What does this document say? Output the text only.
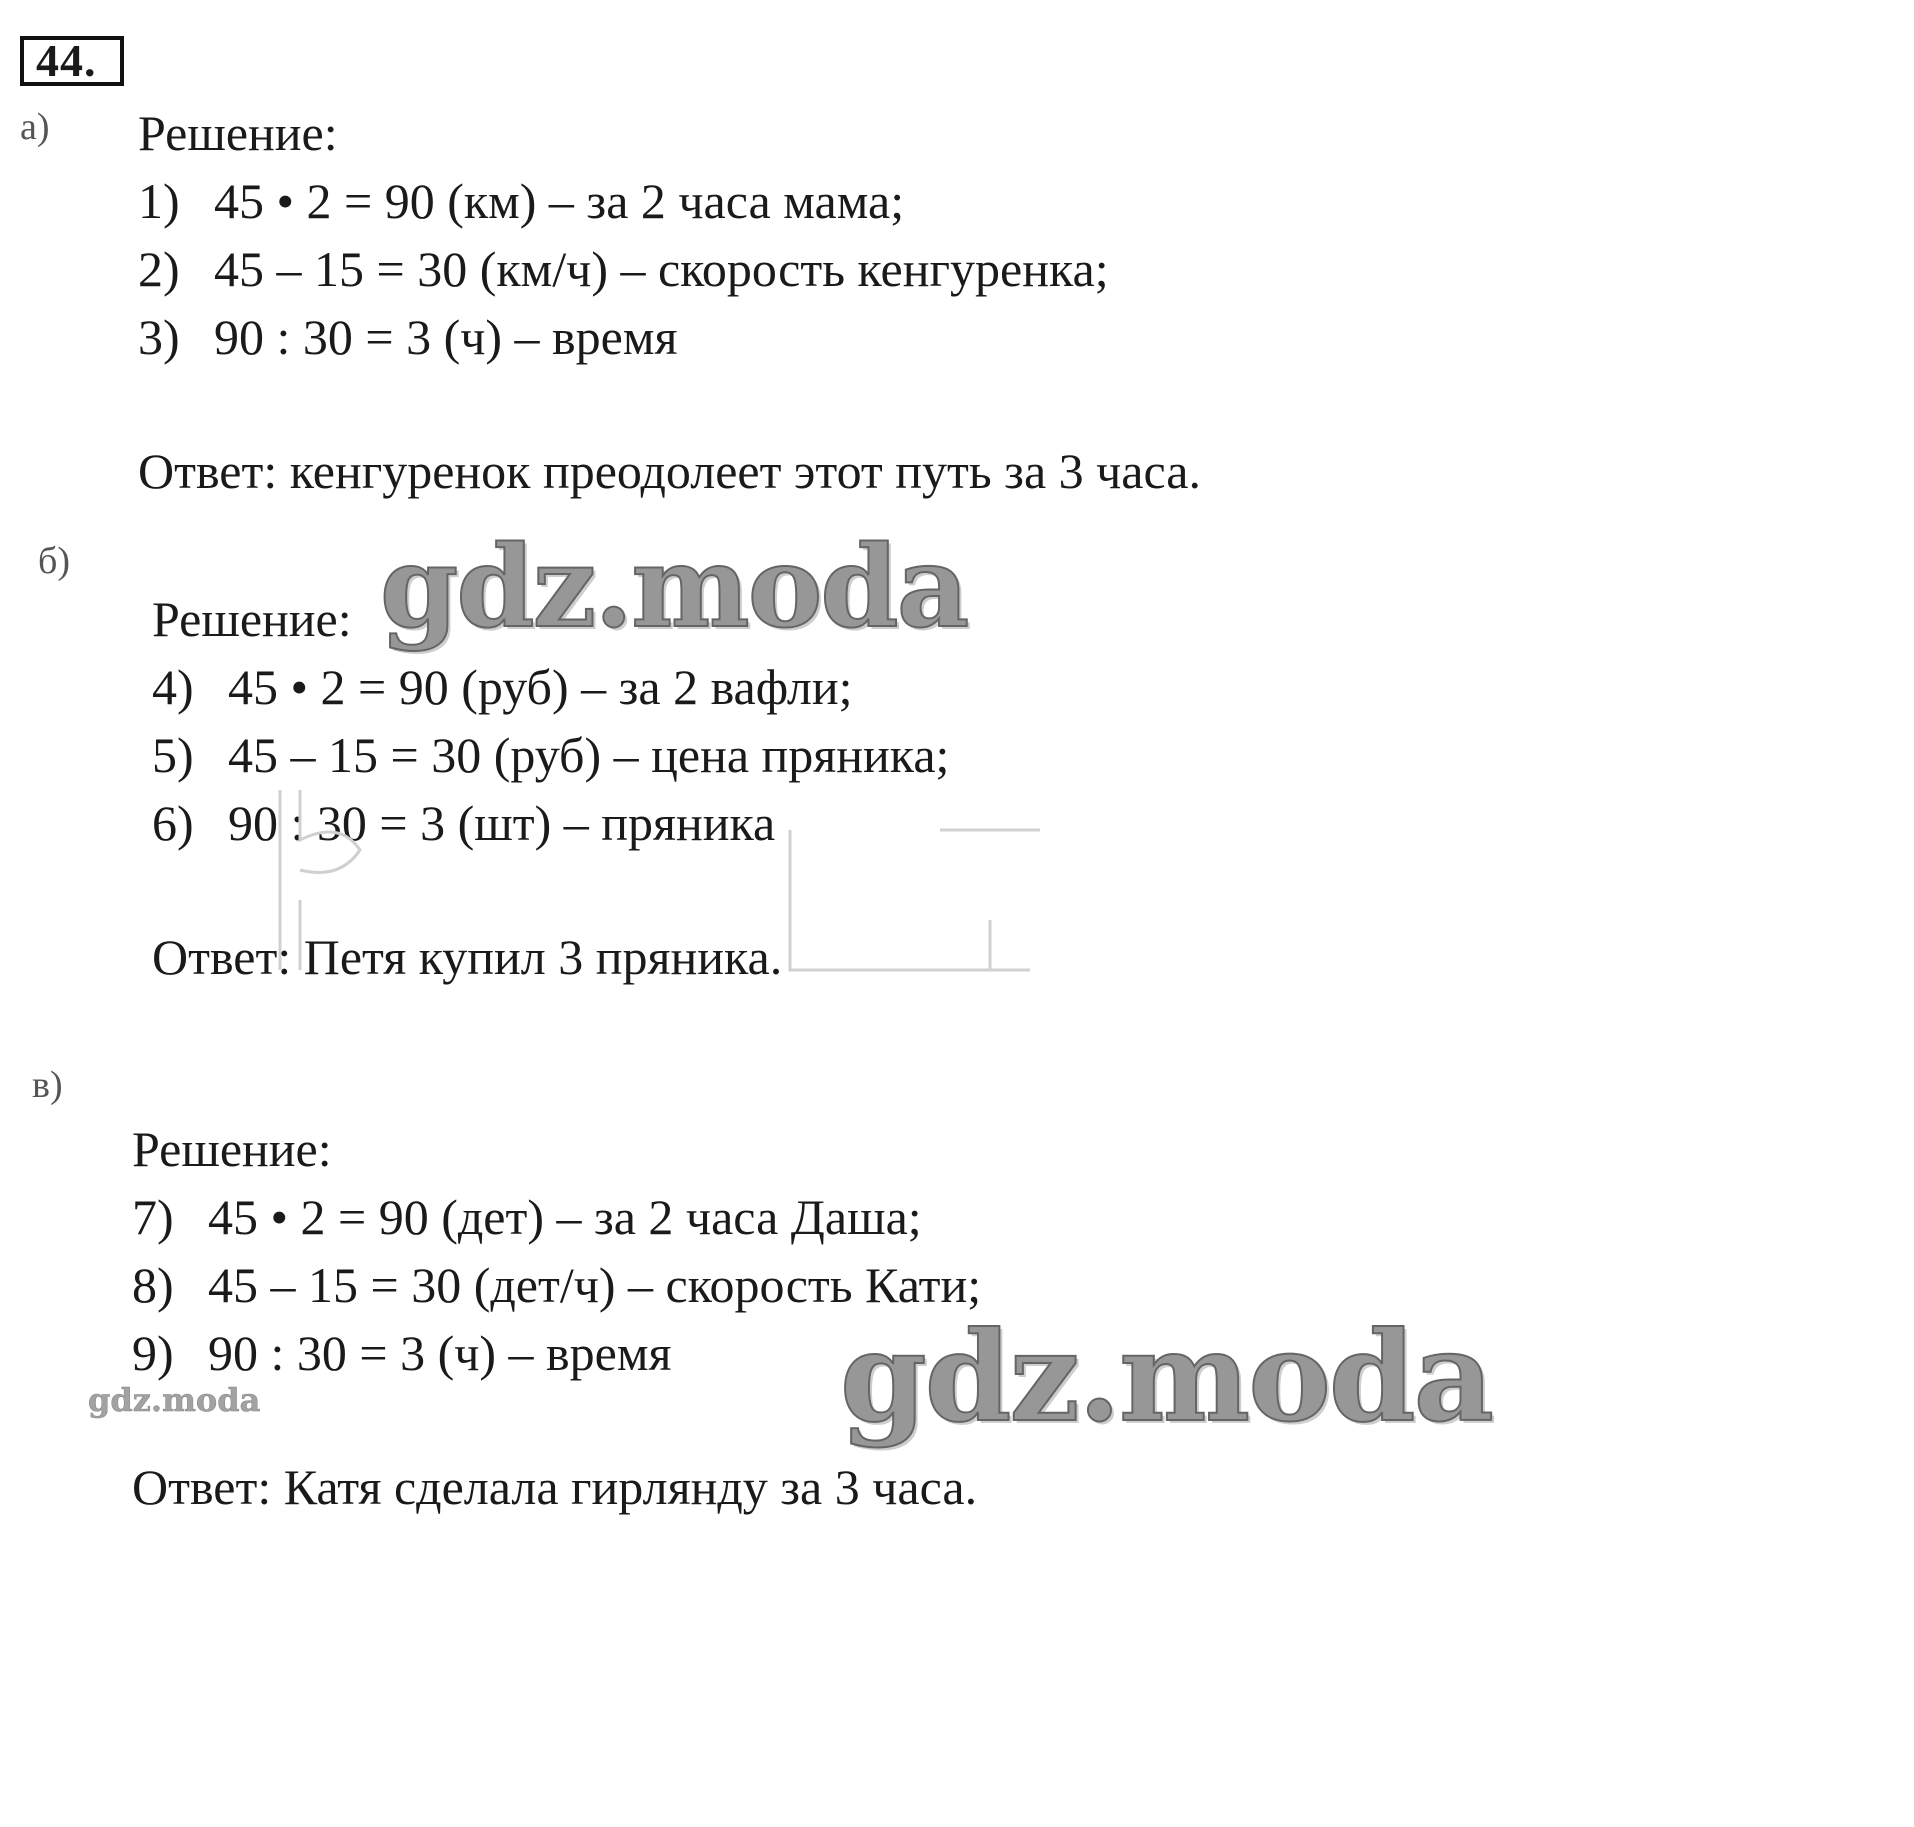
44.
а) Решение:
1) 45 • 2 = 90 (км) – за 2 часа мама;
2) 45 – 15 = 30 (км/ч) – скорость кенгуренка;
3) 90 : 30 = 3 (ч) – время
Ответ: кенгуренок преодолеет этот путь за 3 часа.
б)
Решение:
4) 45 • 2 = 90 (руб) – за 2 вафли;
5) 45 – 15 = 30 (руб) – цена пряника;
6) 90 : 30 = 3 (шт) – пряника
Ответ: Петя купил 3 пряника.
в)
Решение:
7) 45 • 2 = 90 (дет) – за 2 часа Даша;
8) 45 – 15 = 30 (дет/ч) – скорость Кати;
9) 90 : 30 = 3 (ч) – время
Ответ: Катя сделала гирлянду за 3 часа.
gdz.moda
gdz.moda
gdz.moda
